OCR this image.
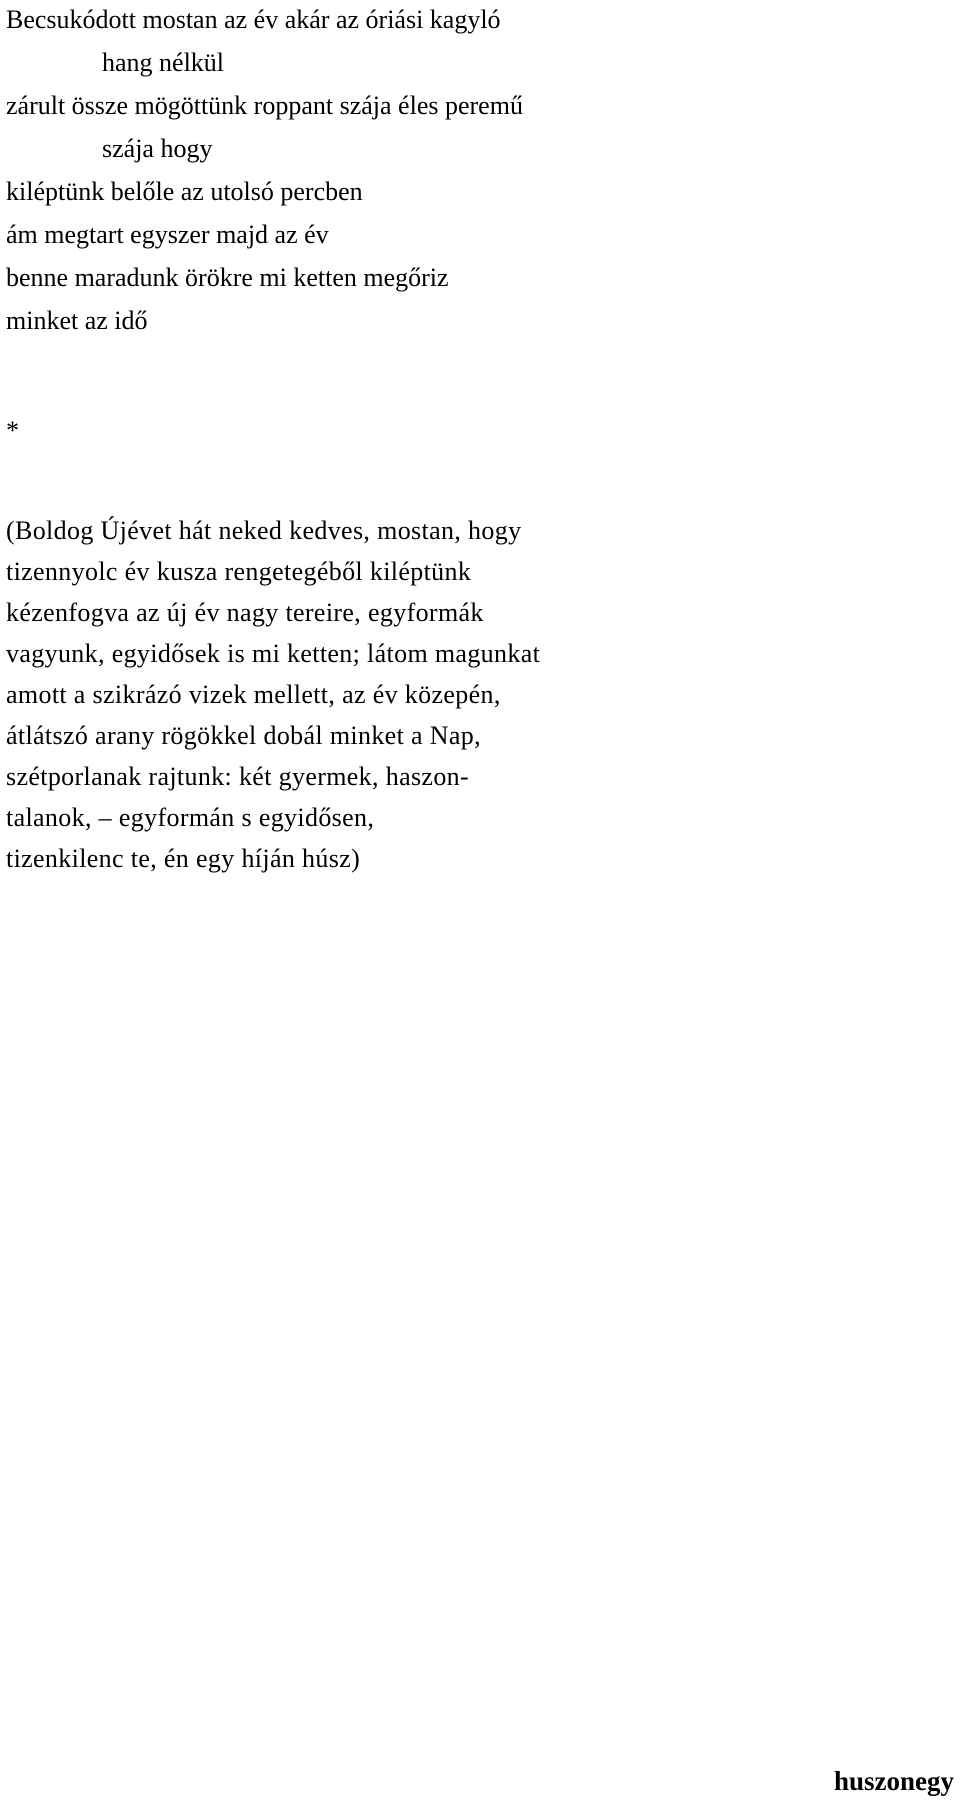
Becsukódott mostan az év akár az óriási kagyló
hang nélkül
zárult össze mögöttünk roppant szája éles peremű
szája hogy
kiléptünk belőle az utolsó percben
ám megtart egyszer majd az év
benne maradunk örökre mi ketten megőriz
minket az idő
*
(Boldog Újévet hát neked kedves, mostan, hogy
tizennyolc év kusza rengetegéből kiléptünk
kézenfogva az új év nagy tereire, egyformák
vagyunk, egyidősek is mi ketten; látom magunkat
amott a szikrázó vizek mellett, az év közepén,
átlátszó arany rögökkel dobál minket a Nap,
szétporlanak rajtunk: két gyermek, haszon-
talanok, – egyformán s egyidősen,
tizenkilenc te, én egy híján húsz)
huszonegy
